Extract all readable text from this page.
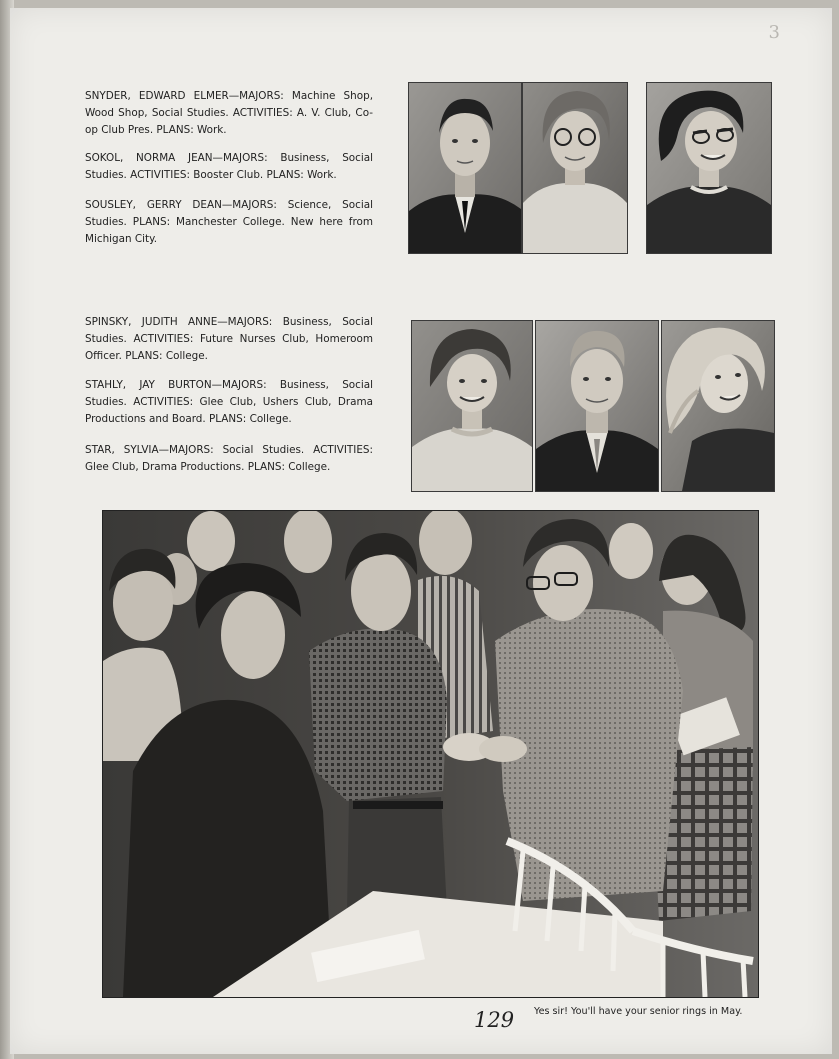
3

SNYDER, EDWARD ELMER—MAJORS: Machine Shop, Wood Shop, Social Studies. ACTIVITIES: A. V. Club, Co-op Club Pres. PLANS: Work.

SOKOL, NORMA JEAN—MAJORS: Business, Social Studies. ACTIVITIES: Booster Club. PLANS: Work.

SOUSLEY, GERRY DEAN—MAJORS: Science, Social Studies. PLANS: Manchester College. New here from Michigan City.

SPINSKY, JUDITH ANNE—MAJORS: Business, Social Studies. ACTIVITIES: Future Nurses Club, Homeroom Officer. PLANS: College.

STAHLY, JAY BURTON—MAJORS: Business, Social Studies. ACTIVITIES: Glee Club, Ushers Club, Drama Productions and Board. PLANS: College.

STAR, SYLVIA—MAJORS: Social Studies. ACTIVITIES: Glee Club, Drama Productions. PLANS: College.

129 Yes sir! You'll have your senior rings in May.
